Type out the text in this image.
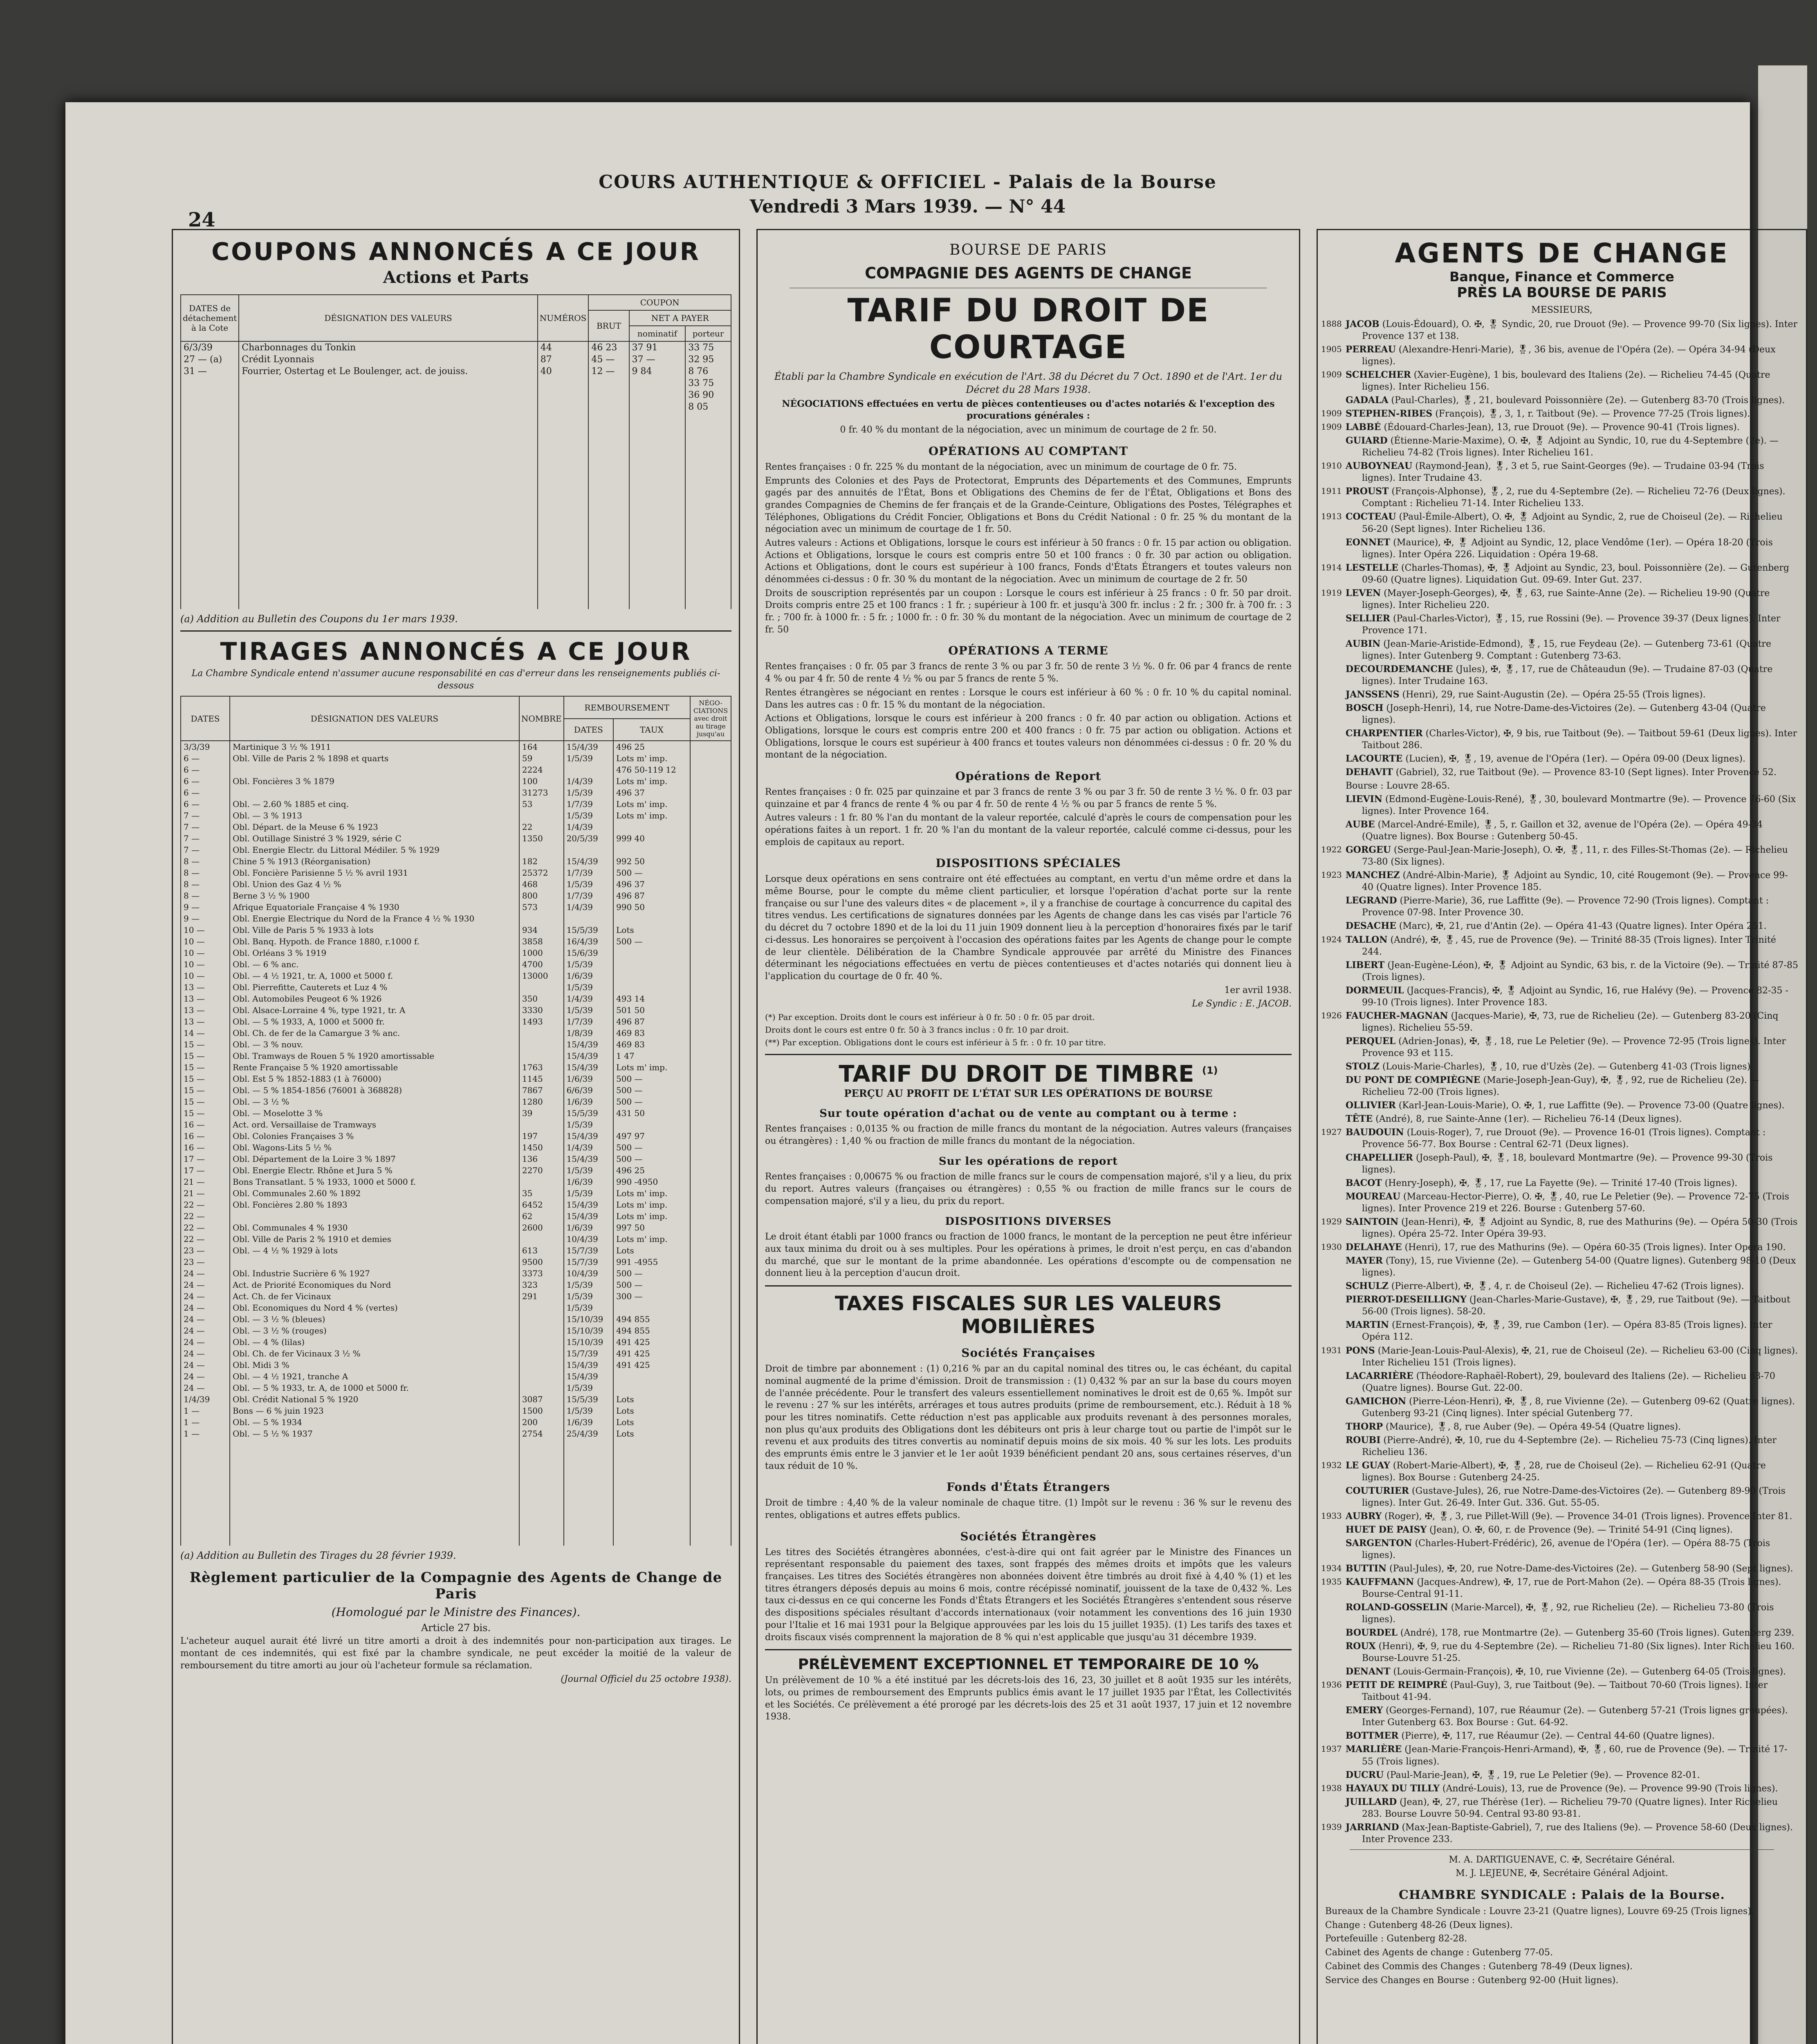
COURS AUTHENTIQUE & OFFICIEL - Palais de la Bourse
Vendredi 3 Mars 1939. — N° 44
24
COUPONS ANNONCÉS A CE JOUR
Actions et Parts
DATES de détachement à la Cote	DÉSIGNATION DES VALEURS	NUMÉROS	COUPON		
			BRUT	NET A PAYER	
				nominatif	porteur
6/3/39	Charbonnages du Tonkin	44	46 23	37 91	33 75
27 — (a)	Crédit Lyonnais	87	45 —	37 —	32 95
31 —	Fourrier, Ostertag et Le Boulenger, act. de jouiss.	40	12 —	9 84	8 76
					33 75
					36 90
					8 05

(a) Addition au Bulletin des Coupons du 1er mars 1939.
TIRAGES ANNONCÉS A CE JOUR
La Chambre Syndicale entend n'assumer aucune responsabilité en cas d'erreur dans les renseignements publiés ci-dessous
DATES	DÉSIGNATION DES VALEURS	NOMBRE	REMBOURSEMENT		NÉGO-CIATIONS avec droit au tirage jusqu'au
			DATES	TAUX	
3/3/39	Martinique 3 ½ % 1911	164	15/4/39	496 25	
6 —	Obl. Ville de Paris 2 % 1898 et quarts	59	1/5/39	Lots m' imp.	
6 —		2224		476 50-119 12	
6 —	Obl. Foncières 3 % 1879	100	1/4/39	Lots m' imp.	
6 —		31273	1/5/39	496 37	
6 —	Obl. — 2.60 % 1885 et cinq.	53	1/7/39	Lots m' imp.	
7 —	Obl. — 3 % 1913		1/5/39	Lots m' imp.	
7 —	Obl. Départ. de la Meuse 6 % 1923	22	1/4/39		
7 —	Obl. Outillage Sinistré 3 % 1929, série C	1350	20/5/39	999 40	
7 —	Obl. Energie Electr. du Littoral Médiler. 5 % 1929				
8 —	Chine 5 % 1913 (Réorganisation)	182	15/4/39	992 50	
8 —	Obl. Foncière Parisienne 5 ½ % avril 1931	25372	1/7/39	500 —	
8 —	Obl. Union des Gaz 4 ½ %	468	1/5/39	496 37	
8 —	Berne 3 ½ % 1900	800	1/7/39	496 87	
9 —	Afrique Equatoriale Française 4 % 1930	573	1/4/39	990 50	
9 —	Obl. Energie Electrique du Nord de la France 4 ½ % 1930				
10 —	Obl. Ville de Paris 5 % 1933 à lots	934	15/5/39	Lots	
10 —	Obl. Banq. Hypoth. de France 1880, r.1000 f.	3858	16/4/39	500 —	
10 —	Obl. Orléans 3 % 1919	1000	15/6/39		
10 —	Obl. — 6 % anc.	4700	1/5/39		
10 —	Obl. — 4 ½ 1921, tr. A, 1000 et 5000 f.	13000	1/6/39		
13 —	Obl. Pierrefitte, Cauterets et Luz 4 %		1/5/39		
13 —	Obl. Automobiles Peugeot 6 % 1926	350	1/4/39	493 14	
13 —	Obl. Alsace-Lorraine 4 %, type 1921, tr. A	3330	1/5/39	501 50	
13 —	Obl. — 5 % 1933, A, 1000 et 5000 fr.	1493	1/7/39	496 87	
14 —	Obl. Ch. de fer de la Camargue 3 % anc.		1/8/39	469 83	
15 —	Obl. — 3 % nouv.		15/4/39	469 83	
15 —	Obl. Tramways de Rouen 5 % 1920 amortissable		15/4/39	1 47	
15 —	Rente Française 5 % 1920 amortissable	1763	15/4/39	Lots m' imp.	
15 —	Obl. Est 5 % 1852-1883 (1 à 76000)	1145	1/6/39	500 —	
15 —	Obl. — 5 % 1854-1856 (76001 à 368828)	7867	6/6/39	500 —	
15 —	Obl. — 3 ½ %	1280	1/6/39	500 —	
15 —	Obl. — Moselotte 3 %	39	15/5/39	431 50	
16 —	Act. ord. Versaillaise de Tramways		1/5/39		
16 —	Obl. Colonies Françaises 3 %	197	15/4/39	497 97	
16 —	Obl. Wagons-Lits 5 ½ %	1450	1/4/39	500 —	
17 —	Obl. Département de la Loire 3 % 1897	136	15/4/39	500 —	
17 —	Obl. Energie Electr. Rhône et Jura 5 %	2270	1/5/39	496 25	
21 —	Bons Transatlant. 5 % 1933, 1000 et 5000 f.		1/6/39	990 -4950	
21 —	Obl. Communales 2.60 % 1892	35	1/5/39	Lots m' imp.	
22 —	Obl. Foncières 2.80 % 1893	6452	15/4/39	Lots m' imp.	
22 —		62	15/4/39	Lots m' imp.	
22 —	Obl. Communales 4 % 1930	2600	1/6/39	997 50	
22 —	Obl. Ville de Paris 2 % 1910 et demies		10/4/39	Lots m' imp.	
23 —	Obl. — 4 ½ % 1929 à lots	613	15/7/39	Lots	
23 —		9500	15/7/39	991 -4955	
24 —	Obl. Industrie Sucrière 6 % 1927	3373	10/4/39	500 —	
24 —	Act. de Priorité Economiques du Nord	323	1/5/39	500 —	
24 —	Act. Ch. de fer Vicinaux	291	1/5/39	300 —	
24 —	Obl. Economiques du Nord 4 % (vertes)		1/5/39		
24 —	Obl. — 3 ½ % (bleues)		15/10/39	494 855	
24 —	Obl. — 3 ½ % (rouges)		15/10/39	494 855	
24 —	Obl. — 4 % (lilas)		15/10/39	491 425	
24 —	Obl. Ch. de fer Vicinaux 3 ½ %		15/7/39	491 425	
24 —	Obl. Midi 3 %		15/4/39	491 425	
24 —	Obl. — 4 ½ 1921, tranche A		15/4/39		
24 —	Obl. — 5 % 1933, tr. A, de 1000 et 5000 fr.		1/5/39		
1/4/39	Obl. Crédit National 5 % 1920	3087	15/5/39	Lots	
1 —	Bons — 6 % juin 1923	1500	1/5/39	Lots	
1 —	Obl. — 5 % 1934	200	1/6/39	Lots	
1 —	Obl. — 5 ½ % 1937	2754	25/4/39	Lots	

(a) Addition au Bulletin des Tirages du 28 février 1939.
Règlement particulier de la Compagnie des Agents de Change de Paris
(Homologué par le Ministre des Finances).
Article 27 bis.
L'acheteur auquel aurait été livré un titre amorti a droit à des indemnités pour non-participation aux tirages. Le montant de ces indemnités, qui est fixé par la chambre syndicale, ne peut excéder la moitié de la valeur de remboursement du titre amorti au jour où l'acheteur formule sa réclamation.
(Journal Officiel du 25 octobre 1938).
BOURSE DE PARIS
COMPAGNIE DES AGENTS DE CHANGE
TARIF DU DROIT DE COURTAGE
Établi par la Chambre Syndicale en exécution de l'Art. 38 du Décret du 7 Oct. 1890 et de l'Art. 1er du Décret du 28 Mars 1938.
NÉGOCIATIONS effectuées en vertu de pièces contentieuses ou d'actes notariés & l'exception des procurations générales :
0 fr. 40 % du montant de la négociation, avec un minimum de courtage de 2 fr. 50.
OPÉRATIONS AU COMPTANT
Rentes françaises : 0 fr. 225 % du montant de la négociation, avec un minimum de courtage de 0 fr. 75.
Emprunts des Colonies et des Pays de Protectorat, Emprunts des Départements et des Communes, Emprunts gagés par des annuités de l'État, Bons et Obligations des Chemins de fer de l'État, Obligations et Bons des grandes Compagnies de Chemins de fer français et de la Grande-Ceinture, Obligations des Postes, Télégraphes et Téléphones, Obligations du Crédit Foncier, Obligations et Bons du Crédit National : 0 fr. 25 % du montant de la négociation avec un minimum de courtage de 1 fr. 50.
Autres valeurs : Actions et Obligations, lorsque le cours est inférieur à 50 francs : 0 fr. 15 par action ou obligation. Actions et Obligations, lorsque le cours est compris entre 50 et 100 francs : 0 fr. 30 par action ou obligation. Actions et Obligations, dont le cours est supérieur à 100 francs, Fonds d'États Étrangers et toutes valeurs non dénommées ci-dessus : 0 fr. 30 % du montant de la négociation. Avec un minimum de courtage de 2 fr. 50
Droits de souscription représentés par un coupon : Lorsque le cours est inférieur à 25 francs : 0 fr. 50 par droit. Droits compris entre 25 et 100 francs : 1 fr. ; supérieur à 100 fr. et jusqu'à 300 fr. inclus : 2 fr. ; 300 fr. à 700 fr. : 3 fr. ; 700 fr. à 1000 fr. : 5 fr. ; 1000 fr. : 0 fr. 30 % du montant de la négociation. Avec un minimum de courtage de 2 fr. 50
OPÉRATIONS A TERME
Rentes françaises : 0 fr. 05 par 3 francs de rente 3 % ou par 3 fr. 50 de rente 3 ½ %. 0 fr. 06 par 4 francs de rente 4 % ou par 4 fr. 50 de rente 4 ½ % ou par 5 francs de rente 5 %.
Rentes étrangères se négociant en rentes : Lorsque le cours est inférieur à 60 % : 0 fr. 10 % du capital nominal. Dans les autres cas : 0 fr. 15 % du montant de la négociation.
Actions et Obligations, lorsque le cours est inférieur à 200 francs : 0 fr. 40 par action ou obligation. Actions et Obligations, lorsque le cours est compris entre 200 et 400 francs : 0 fr. 75 par action ou obligation. Actions et Obligations, lorsque le cours est supérieur à 400 francs et toutes valeurs non dénommées ci-dessus : 0 fr. 20 % du montant de la négociation.
Opérations de Report
Rentes françaises : 0 fr. 025 par quinzaine et par 3 francs de rente 3 % ou par 3 fr. 50 de rente 3 ½ %. 0 fr. 03 par quinzaine et par 4 francs de rente 4 % ou par 4 fr. 50 de rente 4 ½ % ou par 5 francs de rente 5 %.
Autres valeurs : 1 fr. 80 % l'an du montant de la valeur reportée, calculé d'après le cours de compensation pour les opérations faites à un report. 1 fr. 20 % l'an du montant de la valeur reportée, calculé comme ci-dessus, pour les emplois de capitaux au report.
DISPOSITIONS SPÉCIALES
Lorsque deux opérations en sens contraire ont été effectuées au comptant, en vertu d'un même ordre et dans la même Bourse, pour le compte du même client particulier, et lorsque l'opération d'achat porte sur la rente française ou sur l'une des valeurs dites « de placement », il y a franchise de courtage à concurrence du capital des titres vendus. Les certifications de signatures données par les Agents de change dans les cas visés par l'article 76 du décret du 7 octobre 1890 et de la loi du 11 juin 1909 donnent lieu à la perception d'honoraires fixés par le tarif ci-dessus. Les honoraires se perçoivent à l'occasion des opérations faites par les Agents de change pour le compte de leur clientèle. Délibération de la Chambre Syndicale approuvée par arrêté du Ministre des Finances déterminant les négociations effectuées en vertu de pièces contentieuses et d'actes notariés qui donnent lieu à l'application du courtage de 0 fr. 40 %.
1er avril 1938.
Le Syndic : E. JACOB.
(*) Par exception. Droits dont le cours est inférieur à 0 fr. 50 : 0 fr. 05 par droit.
Droits dont le cours est entre 0 fr. 50 à 3 francs inclus : 0 fr. 10 par droit.
(**) Par exception. Obligations dont le cours est inférieur à 5 fr. : 0 fr. 10 par titre.
TARIF DU DROIT DE TIMBRE $^{(1)}$
PERÇU AU PROFIT DE L'ÉTAT SUR LES OPÉRATIONS DE BOURSE
Sur toute opération d'achat ou de vente au comptant ou à terme :
Rentes françaises : 0,0135 % ou fraction de mille francs du montant de la négociation. Autres valeurs (françaises ou étrangères) : 1,40 % ou fraction de mille francs du montant de la négociation.
Sur les opérations de report
Rentes françaises : 0,00675 % ou fraction de mille francs sur le cours de compensation majoré, s'il y a lieu, du prix du report. Autres valeurs (françaises ou étrangères) : 0,55 % ou fraction de mille francs sur le cours de compensation majoré, s'il y a lieu, du prix du report.
DISPOSITIONS DIVERSES
Le droit étant établi par 1000 francs ou fraction de 1000 francs, le montant de la perception ne peut être inférieur aux taux minima du droit ou à ses multiples. Pour les opérations à primes, le droit n'est perçu, en cas d'abandon du marché, que sur le montant de la prime abandonnée. Les opérations d'escompte ou de compensation ne donnent lieu à la perception d'aucun droit.
TAXES FISCALES SUR LES VALEURS MOBILIÈRES
Sociétés Françaises
Droit de timbre par abonnement : (1) 0,216 % par an du capital nominal des titres ou, le cas échéant, du capital nominal augmenté de la prime d'émission. Droit de transmission : (1) 0,432 % par an sur la base du cours moyen de l'année précédente. Pour le transfert des valeurs essentiellement nominatives le droit est de 0,65 %. Impôt sur le revenu : 27 % sur les intérêts, arrérages et tous autres produits (prime de remboursement, etc.). Réduit à 18 % pour les titres nominatifs. Cette réduction n'est pas applicable aux produits revenant à des personnes morales, non plus qu'aux produits des Obligations dont les débiteurs ont pris à leur charge tout ou partie de l'impôt sur le revenu et aux produits des titres convertis au nominatif depuis moins de six mois. 40 % sur les lots. Les produits des emprunts émis entre le 3 janvier et le 1er août 1939 bénéficient pendant 20 ans, sous certaines réserves, d'un taux réduit de 10 %.
Fonds d'États Étrangers
Droit de timbre : 4,40 % de la valeur nominale de chaque titre. (1) Impôt sur le revenu : 36 % sur le revenu des rentes, obligations et autres effets publics.
Sociétés Étrangères
Les titres des Sociétés étrangères abonnées, c'est-à-dire qui ont fait agréer par le Ministre des Finances un représentant responsable du paiement des taxes, sont frappés des mêmes droits et impôts que les valeurs françaises. Les titres des Sociétés étrangères non abonnées doivent être timbrés au droit fixé à 4,40 % (1) et les titres étrangers déposés depuis au moins 6 mois, contre récépissé nominatif, jouissent de la taxe de 0,432 %. Les taux ci-dessus en ce qui concerne les Fonds d'États Étrangers et les Sociétés Étrangères s'entendent sous réserve des dispositions spéciales résultant d'accords internationaux (voir notamment les conventions des 16 juin 1930 pour l'Italie et 16 mai 1931 pour la Belgique approuvées par les lois du 15 juillet 1935). (1) Les tarifs des taxes et droits fiscaux visés comprennent la majoration de 8 % qui n'est applicable que jusqu'au 31 décembre 1939.
PRÉLÈVEMENT EXCEPTIONNEL ET TEMPORAIRE DE 10 %
Un prélèvement de 10 % a été institué par les décrets-lois des 16, 23, 30 juillet et 8 août 1935 sur les intérêts, lots, ou primes de remboursement des Emprunts publics émis avant le 17 juillet 1935 par l'État, les Collectivités et les Sociétés. Ce prélèvement a été prorogé par les décrets-lois des 25 et 31 août 1937, 17 juin et 12 novembre 1938.
AGENTS DE CHANGE
Banque, Finance et Commerce
PRÈS LA BOURSE DE PARIS
MESSIEURS,
1888 JACOB (Louis-Édouard), O. ✠, 🎖 Syndic, 20, rue Drouot (9e). — Provence 99-70 (Six lignes). Inter Provence 137 et 138.
1905 PERREAU (Alexandre-Henri-Marie), 🎖, 36 bis, avenue de l'Opéra (2e). — Opéra 34-94 (Deux lignes).
1909 SCHELCHER (Xavier-Eugène), 1 bis, boulevard des Italiens (2e). — Richelieu 74-45 (Quatre lignes). Inter Richelieu 156.
GADALA (Paul-Charles), 🎖, 21, boulevard Poissonnière (2e). — Gutenberg 83-70 (Trois lignes).
1909 STEPHEN-RIBES (François), 🎖, 3, 1, r. Taitbout (9e). — Provence 77-25 (Trois lignes).
1909 LABBÉ (Édouard-Charles-Jean), 13, rue Drouot (9e). — Provence 90-41 (Trois lignes).
GUIARD (Étienne-Marie-Maxime), O. ✠, 🎖 Adjoint au Syndic, 10, rue du 4-Septembre (2e). — Richelieu 74-82 (Trois lignes). Inter Richelieu 161.
1910 AUBOYNEAU (Raymond-Jean), 🎖, 3 et 5, rue Saint-Georges (9e). — Trudaine 03-94 (Trois lignes). Inter Trudaine 43.
1911 PROUST (François-Alphonse), 🎖, 2, rue du 4-Septembre (2e). — Richelieu 72-76 (Deux lignes). Comptant : Richelieu 71-14. Inter Richelieu 133.
1913 COCTEAU (Paul-Émile-Albert), O. ✠, 🎖 Adjoint au Syndic, 2, rue de Choiseul (2e). — Richelieu 56-20 (Sept lignes). Inter Richelieu 136.
EONNET (Maurice), ✠, 🎖 Adjoint au Syndic, 12, place Vendôme (1er). — Opéra 18-20 (Trois lignes). Inter Opéra 226. Liquidation : Opéra 19-68.
1914 LESTELLE (Charles-Thomas), ✠, 🎖 Adjoint au Syndic, 23, boul. Poissonnière (2e). — Gutenberg 09-60 (Quatre lignes). Liquidation Gut. 09-69. Inter Gut. 237.
1919 LEVEN (Mayer-Joseph-Georges), ✠, 🎖, 63, rue Sainte-Anne (2e). — Richelieu 19-90 (Quatre lignes). Inter Richelieu 220.
SELLIER (Paul-Charles-Victor), 🎖, 15, rue Rossini (9e). — Provence 39-37 (Deux lignes). Inter Provence 171.
AUBIN (Jean-Marie-Aristide-Edmond), 🎖, 15, rue Feydeau (2e). — Gutenberg 73-61 (Quatre lignes). Inter Gutenberg 9. Comptant : Gutenberg 73-63.
DECOURDEMANCHE (Jules), ✠, 🎖, 17, rue de Châteaudun (9e). — Trudaine 87-03 (Quatre lignes). Inter Trudaine 163.
JANSSENS (Henri), 29, rue Saint-Augustin (2e). — Opéra 25-55 (Trois lignes).
BOSCH (Joseph-Henri), 14, rue Notre-Dame-des-Victoires (2e). — Gutenberg 43-04 (Quatre lignes).
CHARPENTIER (Charles-Victor), ✠, 9 bis, rue Taitbout (9e). — Taitbout 59-61 (Deux lignes). Inter Taitbout 286.
LACOURTE (Lucien), ✠, 🎖, 19, avenue de l'Opéra (1er). — Opéra 09-00 (Deux lignes).
DEHAVIT (Gabriel), 32, rue Taitbout (9e). — Provence 83-10 (Sept lignes). Inter Provence 52.
Bourse : Louvre 28-65.
LIEVIN (Edmond-Eugène-Louis-René), 🎖, 30, boulevard Montmartre (9e). — Provence 76-60 (Six lignes). Inter Provence 164.
AUBE (Marcel-André-Emile), 🎖, 5, r. Gaillon et 32, avenue de l'Opéra (2e). — Opéra 49-34 (Quatre lignes). Box Bourse : Gutenberg 50-45.
1922 GORGEU (Serge-Paul-Jean-Marie-Joseph), O. ✠, 🎖, 11, r. des Filles-St-Thomas (2e). — Richelieu 73-80 (Six lignes).
1923 MANCHEZ (André-Albin-Marie), 🎖 Adjoint au Syndic, 10, cité Rougemont (9e). — Provence 99-40 (Quatre lignes). Inter Provence 185.
LEGRAND (Pierre-Marie), 36, rue Laffitte (9e). — Provence 72-90 (Trois lignes). Comptant : Provence 07-98. Inter Provence 30.
DESACHE (Marc), ✠, 21, rue d'Antin (2e). — Opéra 41-43 (Quatre lignes). Inter Opéra 251.
1924 TALLON (André), ✠, 🎖, 45, rue de Provence (9e). — Trinité 88-35 (Trois lignes). Inter Trinité 244.
LIBERT (Jean-Eugène-Léon), ✠, 🎖 Adjoint au Syndic, 63 bis, r. de la Victoire (9e). — Trinité 87-85 (Trois lignes).
DORMEUIL (Jacques-Francis), ✠, 🎖 Adjoint au Syndic, 16, rue Halévy (9e). — Provence 82-35 - 99-10 (Trois lignes). Inter Provence 183.
1926 FAUCHER-MAGNAN (Jacques-Marie), ✠, 73, rue de Richelieu (2e). — Gutenberg 83-20 (Cinq lignes). Richelieu 55-59.
PERQUEL (Adrien-Jonas), ✠, 🎖, 18, rue Le Peletier (9e). — Provence 72-95 (Trois lignes). Inter Provence 93 et 115.
STOLZ (Louis-Marie-Charles), 🎖, 10, rue d'Uzès (2e). — Gutenberg 41-03 (Trois lignes).
DU PONT DE COMPIÈGNE (Marie-Joseph-Jean-Guy), ✠, 🎖, 92, rue de Richelieu (2e). — Richelieu 72-00 (Trois lignes).
OLLIVIER (Karl-Jean-Louis-Marie), O. ✠, 1, rue Laffitte (9e). — Provence 73-00 (Quatre lignes).
TÊTE (André), 8, rue Sainte-Anne (1er). — Richelieu 76-14 (Deux lignes).
1927 BAUDOUIN (Louis-Roger), 7, rue Drouot (9e). — Provence 16-01 (Trois lignes). Comptant : Provence 56-77. Box Bourse : Central 62-71 (Deux lignes).
CHAPELLIER (Joseph-Paul), ✠, 🎖, 18, boulevard Montmartre (9e). — Provence 99-30 (Trois lignes).
BACOT (Henry-Joseph), ✠, 🎖, 17, rue La Fayette (9e). — Trinité 17-40 (Trois lignes).
MOUREAU (Marceau-Hector-Pierre), O. ✠, 🎖, 40, rue Le Peletier (9e). — Provence 72-75 (Trois lignes). Inter Provence 219 et 226. Bourse : Gutenberg 57-60.
1929 SAINTOIN (Jean-Henri), ✠, 🎖 Adjoint au Syndic, 8, rue des Mathurins (9e). — Opéra 50-30 (Trois lignes). Opéra 25-72. Inter Opéra 39-93.
1930 DELAHAYE (Henri), 17, rue des Mathurins (9e). — Opéra 60-35 (Trois lignes). Inter Opéra 190.
MAYER (Tony), 15, rue Vivienne (2e). — Gutenberg 54-00 (Quatre lignes). Gutenberg 98-10 (Deux lignes).
SCHULZ (Pierre-Albert), ✠, 🎖, 4, r. de Choiseul (2e). — Richelieu 47-62 (Trois lignes).
PIERROT-DESEILLIGNY (Jean-Charles-Marie-Gustave), ✠, 🎖, 29, rue Taitbout (9e). — Taitbout 56-00 (Trois lignes). 58-20.
MARTIN (Ernest-François), ✠, 🎖, 39, rue Cambon (1er). — Opéra 83-85 (Trois lignes). Inter Opéra 112.
1931 PONS (Marie-Jean-Louis-Paul-Alexis), ✠, 21, rue de Choiseul (2e). — Richelieu 63-00 (Cinq lignes). Inter Richelieu 151 (Trois lignes).
LACARRIÈRE (Théodore-Raphaël-Robert), 29, boulevard des Italiens (2e). — Richelieu 83-70 (Quatre lignes). Bourse Gut. 22-00.
GAMICHON (Pierre-Léon-Henri), ✠, 🎖, 8, rue Vivienne (2e). — Gutenberg 09-62 (Quatre lignes). Gutenberg 93-21 (Cinq lignes). Inter spécial Gutenberg 77.
THORP (Maurice), 🎖, 8, rue Auber (9e). — Opéra 49-54 (Quatre lignes).
ROUBI (Pierre-André), ✠, 10, rue du 4-Septembre (2e). — Richelieu 75-73 (Cinq lignes). Inter Richelieu 136.
1932 LE GUAY (Robert-Marie-Albert), ✠, 🎖, 28, rue de Choiseul (2e). — Richelieu 62-91 (Quatre lignes). Box Bourse : Gutenberg 24-25.
COUTURIER (Gustave-Jules), 26, rue Notre-Dame-des-Victoires (2e). — Gutenberg 89-90 (Trois lignes). Inter Gut. 26-49. Inter Gut. 336. Gut. 55-05.
1933 AUBRY (Roger), ✠, 🎖, 3, rue Pillet-Will (9e). — Provence 34-01 (Trois lignes). Provence Inter 81.
HUET DE PAISY (Jean), O. ✠, 60, r. de Provence (9e). — Trinité 54-91 (Cinq lignes).
SARGENTON (Charles-Hubert-Frédéric), 26, avenue de l'Opéra (1er). — Opéra 88-75 (Trois lignes).
1934 BUTTIN (Paul-Jules), ✠, 20, rue Notre-Dame-des-Victoires (2e). — Gutenberg 58-90 (Sept lignes).
1935 KAUFFMANN (Jacques-Andrew), ✠, 17, rue de Port-Mahon (2e). — Opéra 88-35 (Trois lignes). Bourse-Central 91-11.
ROLAND-GOSSELIN (Marie-Marcel), ✠, 🎖, 92, rue Richelieu (2e). — Richelieu 73-80 (Trois lignes).
BOURDEL (André), 178, rue Montmartre (2e). — Gutenberg 35-60 (Trois lignes). Gutenberg 239.
ROUX (Henri), ✠, 9, rue du 4-Septembre (2e). — Richelieu 71-80 (Six lignes). Inter Richelieu 160. Bourse-Louvre 51-25.
DENANT (Louis-Germain-François), ✠, 10, rue Vivienne (2e). — Gutenberg 64-05 (Trois lignes).
1936 PETIT DE REIMPRÉ (Paul-Guy), 3, rue Taitbout (9e). — Taitbout 70-60 (Trois lignes). Inter Taitbout 41-94.
EMERY (Georges-Fernand), 107, rue Réaumur (2e). — Gutenberg 57-21 (Trois lignes groupées). Inter Gutenberg 63. Box Bourse : Gut. 64-92.
BOTTMER (Pierre), ✠, 117, rue Réaumur (2e). — Central 44-60 (Quatre lignes).
1937 MARLIÈRE (Jean-Marie-François-Henri-Armand), ✠, 🎖, 60, rue de Provence (9e). — Trinité 17-55 (Trois lignes).
DUCRU (Paul-Marie-Jean), ✠, 🎖, 19, rue Le Peletier (9e). — Provence 82-01.
1938 HAYAUX DU TILLY (André-Louis), 13, rue de Provence (9e). — Provence 99-90 (Trois lignes).
JUILLARD (Jean), ✠, 27, rue Thérèse (1er). — Richelieu 79-70 (Quatre lignes). Inter Richelieu 283. Bourse Louvre 50-94. Central 93-80 93-81.
1939 JARRIAND (Max-Jean-Baptiste-Gabriel), 7, rue des Italiens (9e). — Provence 58-60 (Deux lignes). Inter Provence 233.
M. A. DARTIGUENAVE, C. ✠, Secrétaire Général.
M. J. LEJEUNE, ✠, Secrétaire Général Adjoint.
CHAMBRE SYNDICALE : Palais de la Bourse.
Bureaux de la Chambre Syndicale : Louvre 23-21 (Quatre lignes), Louvre 69-25 (Trois lignes).
Change : Gutenberg 48-26 (Deux lignes).
Portefeuille : Gutenberg 82-28.
Cabinet des Agents de change : Gutenberg 77-05.
Cabinet des Commis des Changes : Gutenberg 78-49 (Deux lignes).
Service des Changes en Bourse : Gutenberg 92-00 (Huit lignes).
